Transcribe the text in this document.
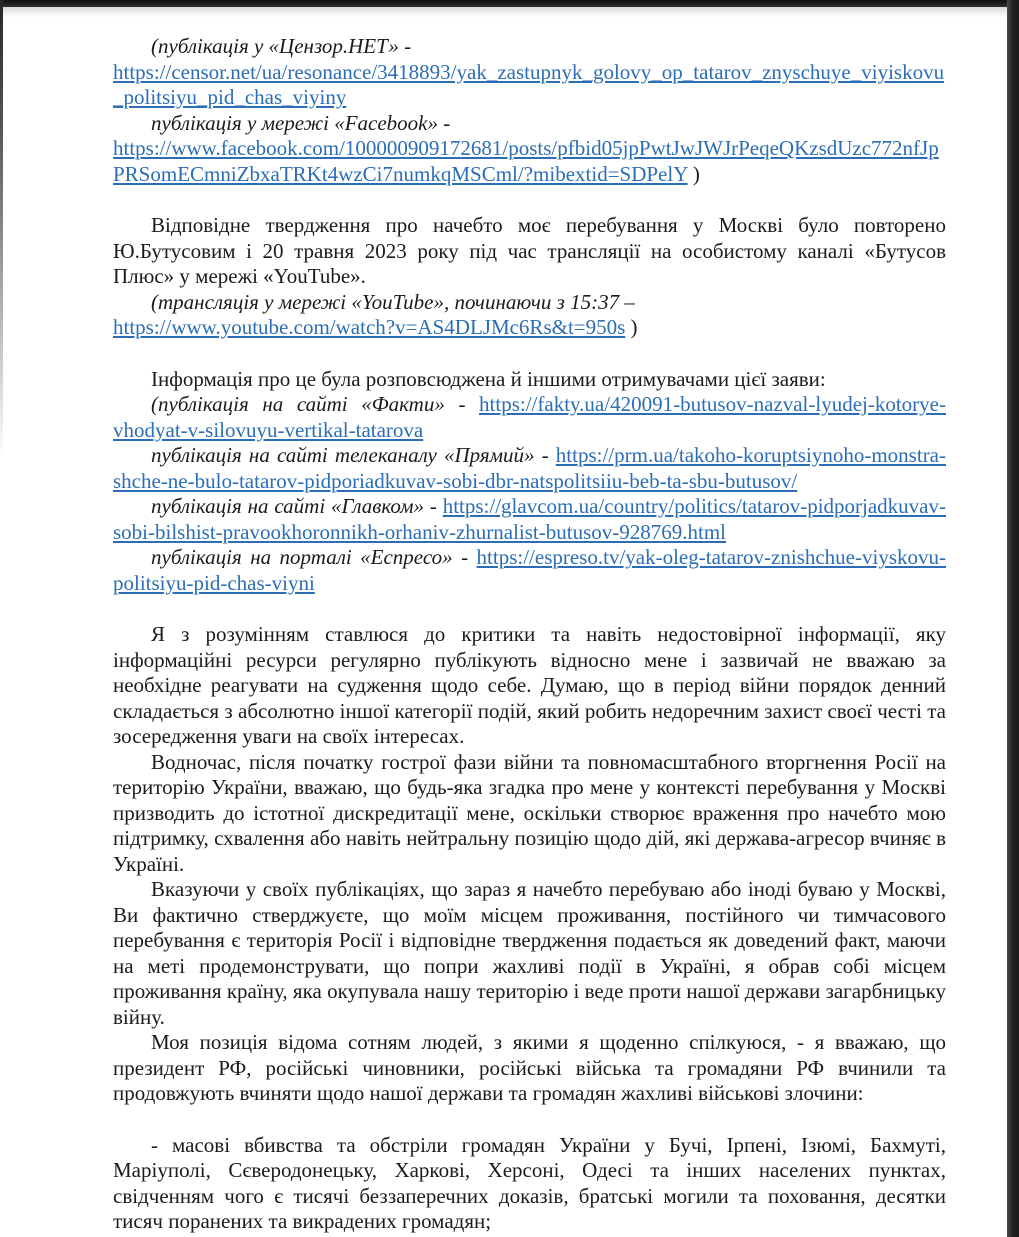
(публікація у «Цензор.НЕТ» -
https://censor.net/ua/resonance/3418893/yak_zastupnyk_golovy_op_tatarov_znyschuye_viyiskovu_politsiyu_pid_chas_viyiny

публікація у мережі «Facebook» -
https://www.facebook.com/100000909172681/posts/pfbid05jpPwtJwJWJrPeqeQKzsdUzc772nfJpPRSomECmniZbxaTRKt4wzCi7numkqMSCml/?mibextid=SDPelY )

Відповідне твердження про начебто моє перебування у Москві було повторено Ю.Бутусовим і 20 травня 2023 року під час трансляції на особистому каналі «Бутусов Плюс» у мережі «YouTube».

(трансляція у мережі «YouTube», починаючи з 15:37 –
https://www.youtube.com/watch?v=AS4DLJMc6Rs&t=950s )

Інформація про це була розповсюджена й іншими отримувачами цієї заяви:

(публікація на сайті «Факти» - https://fakty.ua/420091-butusov-nazval-lyudej-kotorye-vhodyat-v-silovuyu-vertikal-tatarova

публікація на сайті телеканалу «Прямий» - https://prm.ua/takoho-koruptsiynoho-monstra-shche-ne-bulo-tatarov-pidporiadkuvav-sobi-dbr-natspolitsiiu-beb-ta-sbu-butusov/

публікація на сайті «Главком» - https://glavcom.ua/country/politics/tatarov-pidporjadkuvav-sobi-bilshist-pravookhoronnikh-orhaniv-zhurnalist-butusov-928769.html

публікація на порталі «Еспресо» - https://espreso.tv/yak-oleg-tatarov-znishchue-viyskovu-politsiyu-pid-chas-viyni

Я з розумінням ставлюся до критики та навіть недостовірної інформації, яку інформаційні ресурси регулярно публікують відносно мене і зазвичай не вважаю за необхідне реагувати на судження щодо себе. Думаю, що в період війни порядок денний складається з абсолютно іншої категорії подій, який робить недоречним захист своєї честі та зосередження уваги на своїх інтересах.

Водночас, після початку гострої фази війни та повномасштабного вторгнення Росії на територію України, вважаю, що будь-яка згадка про мене у контексті перебування у Москві призводить до істотної дискредитації мене, оскільки створює враження про начебто мою підтримку, схвалення або навіть нейтральну позицію щодо дій, які держава-агресор вчиняє в Україні.

Вказуючи у своїх публікаціях, що зараз я начебто перебуваю або іноді буваю у Москві, Ви фактично стверджуєте, що моїм місцем проживання, постійного чи тимчасового перебування є територія Росії і відповідне твердження подається як доведений факт, маючи на меті продемонструвати, що попри жахливі події в Україні, я обрав собі місцем проживання країну, яка окупувала нашу територію і веде проти нашої держави загарбницьку війну.

Моя позиція відома сотням людей, з якими я щоденно спілкуюся, - я вважаю, що президент РФ, російські чиновники, російські війська та громадяни РФ вчинили та продовжують вчиняти щодо нашої держави та громадян жахливі військові злочини:

- масові вбивства та обстріли громадян України у Бучі, Ірпені, Ізюмі, Бахмуті, Маріуполі, Сєверодонецьку, Харкові, Херсоні, Одесі та інших населених пунктах, свідченням чого є тисячі беззаперечних доказів, братські могили та поховання, десятки тисяч поранених та викрадених громадян;
